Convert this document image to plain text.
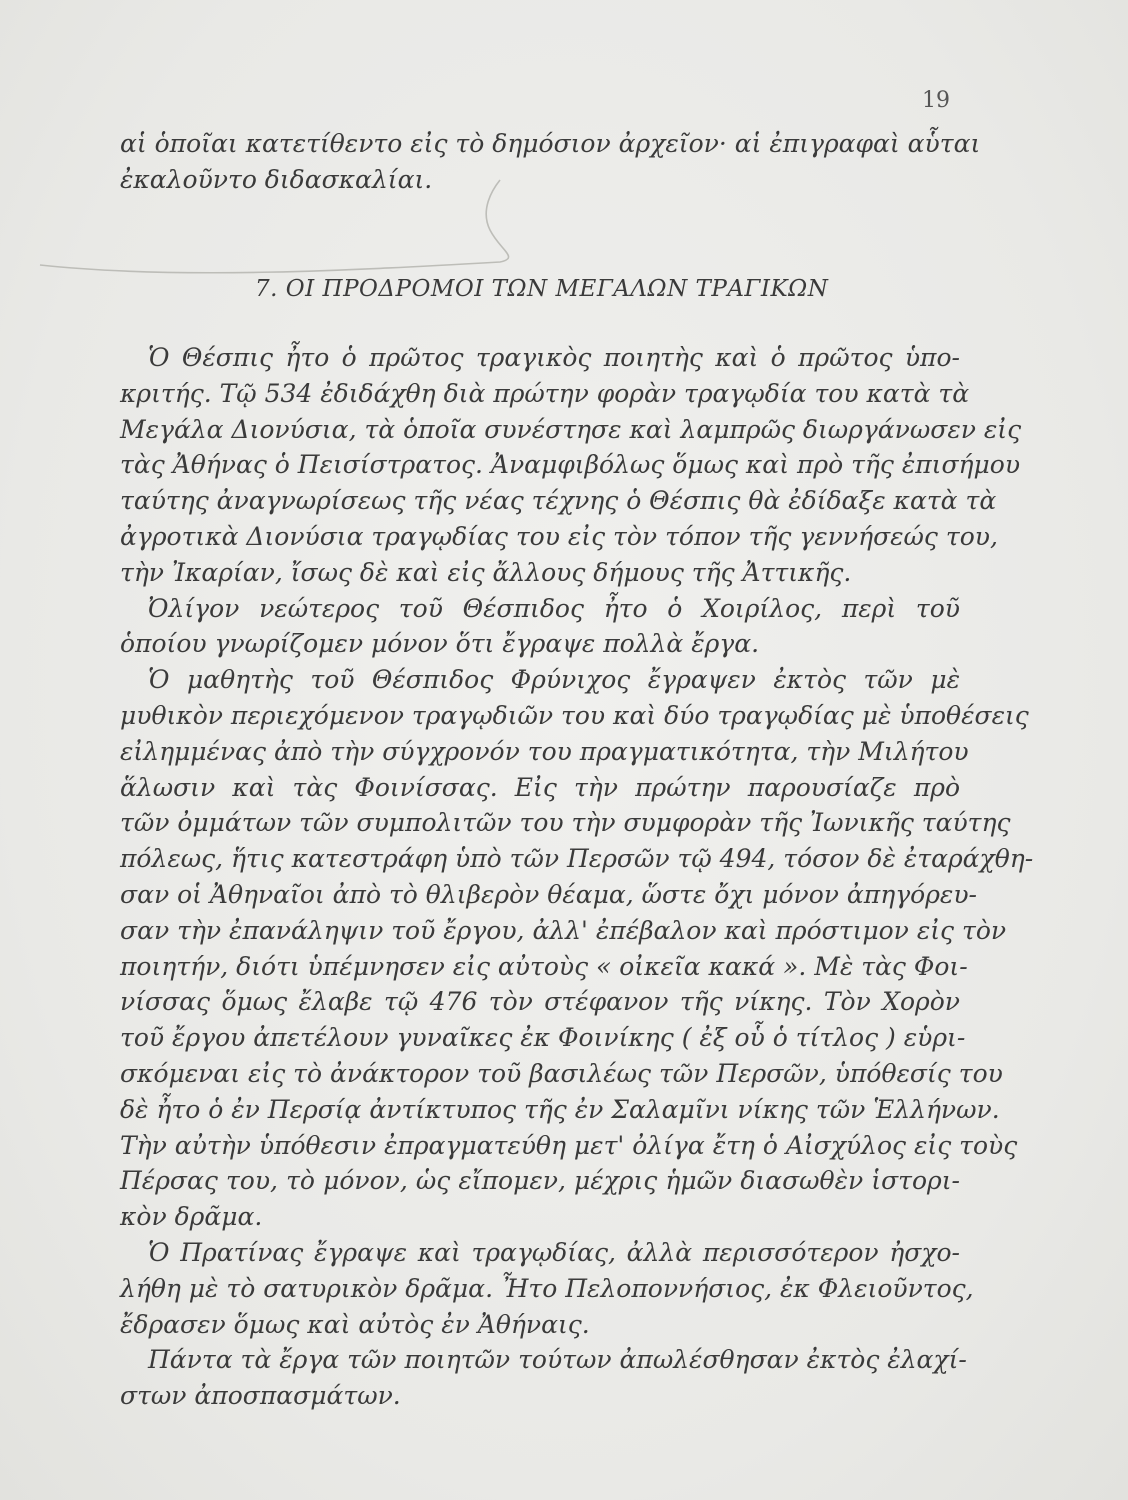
19
αἱ ὁποῖαι κατετίθεντο εἰς τὸ δημόσιον ἀρχεῖον· αἱ ἐπιγραφαὶ αὗται
ἐκαλοῦντο διδασκαλίαι.
7. ΟΙ ΠΡΟΔΡΟΜΟΙ ΤΩΝ ΜΕΓΑΛΩΝ ΤΡΑΓΙΚΩΝ
Ὁ Θέσπις ἦτο ὁ πρῶτος τραγικὸς ποιητὴς καὶ ὁ πρῶτος ὑπο-
κριτής. Τῷ 534 ἐδιδάχθη διὰ πρώτην φορὰν τραγῳδία του κατὰ τὰ
Μεγάλα Διονύσια, τὰ ὁποῖα συνέστησε καὶ λαμπρῶς διωργάνωσεν εἰς
τὰς Ἀθήνας ὁ Πεισίστρατος. Ἀναμφιβόλως ὅμως καὶ πρὸ τῆς ἐπισήμου
ταύτης ἀναγνωρίσεως τῆς νέας τέχνης ὁ Θέσπις θὰ ἐδίδαξε κατὰ τὰ
ἀγροτικὰ Διονύσια τραγῳδίας του εἰς τὸν τόπον τῆς γεννήσεώς του,
τὴν Ἰκαρίαν, ἴσως δὲ καὶ εἰς ἄλλους δήμους τῆς Ἀττικῆς.
Ὀλίγον νεώτερος τοῦ Θέσπιδος ἦτο ὁ Χοιρίλος, περὶ τοῦ
ὁποίου γνωρίζομεν μόνον ὅτι ἔγραψε πολλὰ ἔργα.
Ὁ μαθητὴς τοῦ Θέσπιδος Φρύνιχος ἔγραψεν ἐκτὸς τῶν μὲ
μυθικὸν περιεχόμενον τραγῳδιῶν του καὶ δύο τραγῳδίας μὲ ὑποθέσεις
εἰλημμένας ἀπὸ τὴν σύγχρονόν του πραγματικότητα, τὴν Μιλήτου
ἅλωσιν καὶ τὰς Φοινίσσας. Εἰς τὴν πρώτην παρουσίαζε πρὸ
τῶν ὀμμάτων τῶν συμπολιτῶν του τὴν συμφορὰν τῆς Ἰωνικῆς ταύτης
πόλεως, ἥτις κατεστράφη ὑπὸ τῶν Περσῶν τῷ 494, τόσον δὲ ἐταράχθη-
σαν οἱ Ἀθηναῖοι ἀπὸ τὸ θλιβερὸν θέαμα, ὥστε ὄχι μόνον ἀπηγόρευ-
σαν τὴν ἐπανάληψιν τοῦ ἔργου, ἀλλ' ἐπέβαλον καὶ πρόστιμον εἰς τὸν
ποιητήν, διότι ὑπέμνησεν εἰς αὐτοὺς « οἰκεῖα κακά ». Μὲ τὰς Φοι-
νίσσας ὅμως ἔλαβε τῷ 476 τὸν στέφανον τῆς νίκης. Τὸν Χορὸν
τοῦ ἔργου ἀπετέλουν γυναῖκες ἐκ Φοινίκης ( ἐξ οὗ ὁ τίτλος ) εὑρι-
σκόμεναι εἰς τὸ ἀνάκτορον τοῦ βασιλέως τῶν Περσῶν, ὑπόθεσίς του
δὲ ἦτο ὁ ἐν Περσίᾳ ἀντίκτυπος τῆς ἐν Σαλαμῖνι νίκης τῶν Ἑλλήνων.
Τὴν αὐτὴν ὑπόθεσιν ἐπραγματεύθη μετ' ὀλίγα ἔτη ὁ Αἰσχύλος εἰς τοὺς
Πέρσας του, τὸ μόνον, ὡς εἴπομεν, μέχρις ἡμῶν διασωθὲν ἱστορι-
κὸν δρᾶμα.
Ὁ Πρατίνας ἔγραψε καὶ τραγῳδίας, ἀλλὰ περισσότερον ἠσχο-
λήθη μὲ τὸ σατυρικὸν δρᾶμα. Ἦτο Πελοποννήσιος, ἐκ Φλειοῦντος,
ἔδρασεν ὅμως καὶ αὐτὸς ἐν Ἀθήναις.
Πάντα τὰ ἔργα τῶν ποιητῶν τούτων ἀπωλέσθησαν ἐκτὸς ἐλαχί-
στων ἀποσπασμάτων.
